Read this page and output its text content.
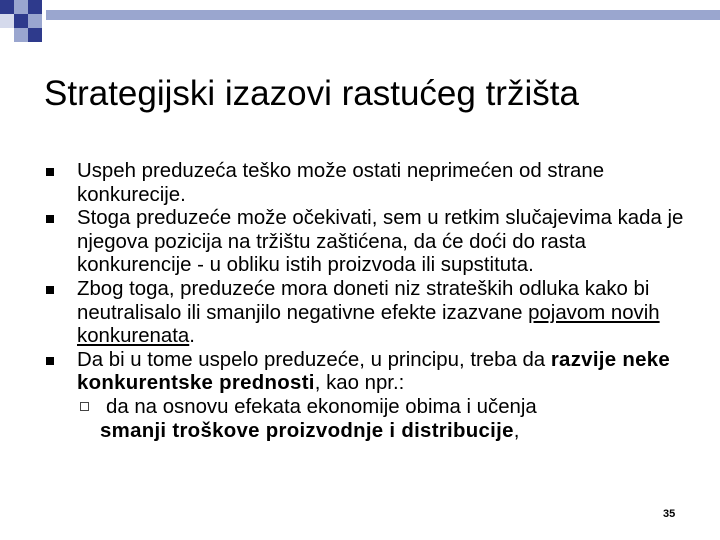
Strategijski izazovi rastućeg tržišta
Uspeh preduzeća teško može ostati neprimećen od strane konkurecije.
Stoga preduzeće može očekivati, sem u retkim slučajevima kada je njegova pozicija na tržištu zaštićena, da će doći do rasta konkurencije - u obliku istih proizvoda ili supstituta.
Zbog toga, preduzeće mora doneti niz strateških odluka kako bi neutralisalo ili smanjilo negativne efekte izazvane pojavom novih konkurenata.
Da bi u tome uspelo preduzeće, u principu, treba da razvije neke konkurentske prednosti, kao npr.:
da na osnovu efekata ekonomije obima i učenja
smanji troškove proizvodnje i distribucije,
35
